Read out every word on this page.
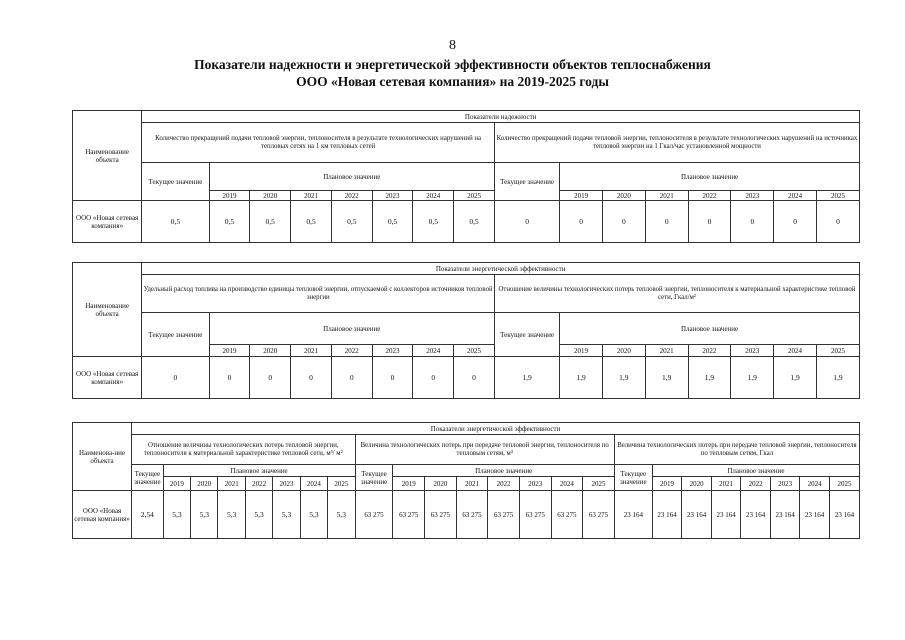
8
Показатели надежности и энергетической эффективности объектов теплоснабжения
ООО «Новая сетевая компания» на 2019-2025 годы
Наименование объекта	Показатели надежности															
	Количество прекращений подачи тепловой энергии, теплоносителя в результате технологических нарушений на тепловых сетях на 1 км тепловых сетей								Количество прекращений подачи тепловой энергии, теплоносителя в результате технологических нарушений на источниках тепловой энергии на 1 Гкал/час установленной мощности							
	Текущее значение	Плановое значение							Текущее значение	Плановое значение						
		2019	2020	2021	2022	2023	2024	2025		2019	2020	2021	2022	2023	2024	2025
ООО «Новая сетевая компания»	0,5	0,5	0,5	0,5	0,5	0,5	0,5	0,5	0	0	0	0	0	0	0	0
Наименование объекта	Показатели энергетической эффективности															
	Удельный расход топлива на производство единицы тепловой энергии, отпускаемой с коллекторов источников тепловой энергии								Отношение величины технологических потерь тепловой энергии, теплоносителя к материальной характеристике тепловой сети, Гкал/м²							
	Текущее значение	Плановое значение							Текущее значение	Плановое значение						
		2019	2020	2021	2022	2023	2024	2025		2019	2020	2021	2022	2023	2024	2025
ООО «Новая сетевая компания»	0	0	0	0	0	0	0	0	1,9	1,9	1,9	1,9	1,9	1,9	1,9	1,9
Наименова-ние объекта	Показатели энергетической эффективности																							
	Отношение величины технологических потерь тепловой энергии, теплоносителя к материальной характеристике тепловой сети, м³/ м²								Величина технологических потерь при передаче тепловой энергии, теплоносителя по тепловым сетям, м³								Величина технологических потерь при передаче тепловой энергии, теплоносителя по тепловым сетям, Гкал							
	Текущее значение	Плановое значение							Текущее значение	Плановое значение							Текущее значение	Плановое значение						
		2019	2020	2021	2022	2023	2024	2025		2019	2020	2021	2022	2023	2024	2025		2019	2020	2021	2022	2023	2024	2025
ООО «Новая сетевая компания»	2,54	5,3	5,3	5,3	5,3	5,3	5,3	5,3	63 275	63 275	63 275	63 275	63 275	63 275	63 275	63 275	23 164	23 164	23 164	23 164	23 164	23 164	23 164	23 164
